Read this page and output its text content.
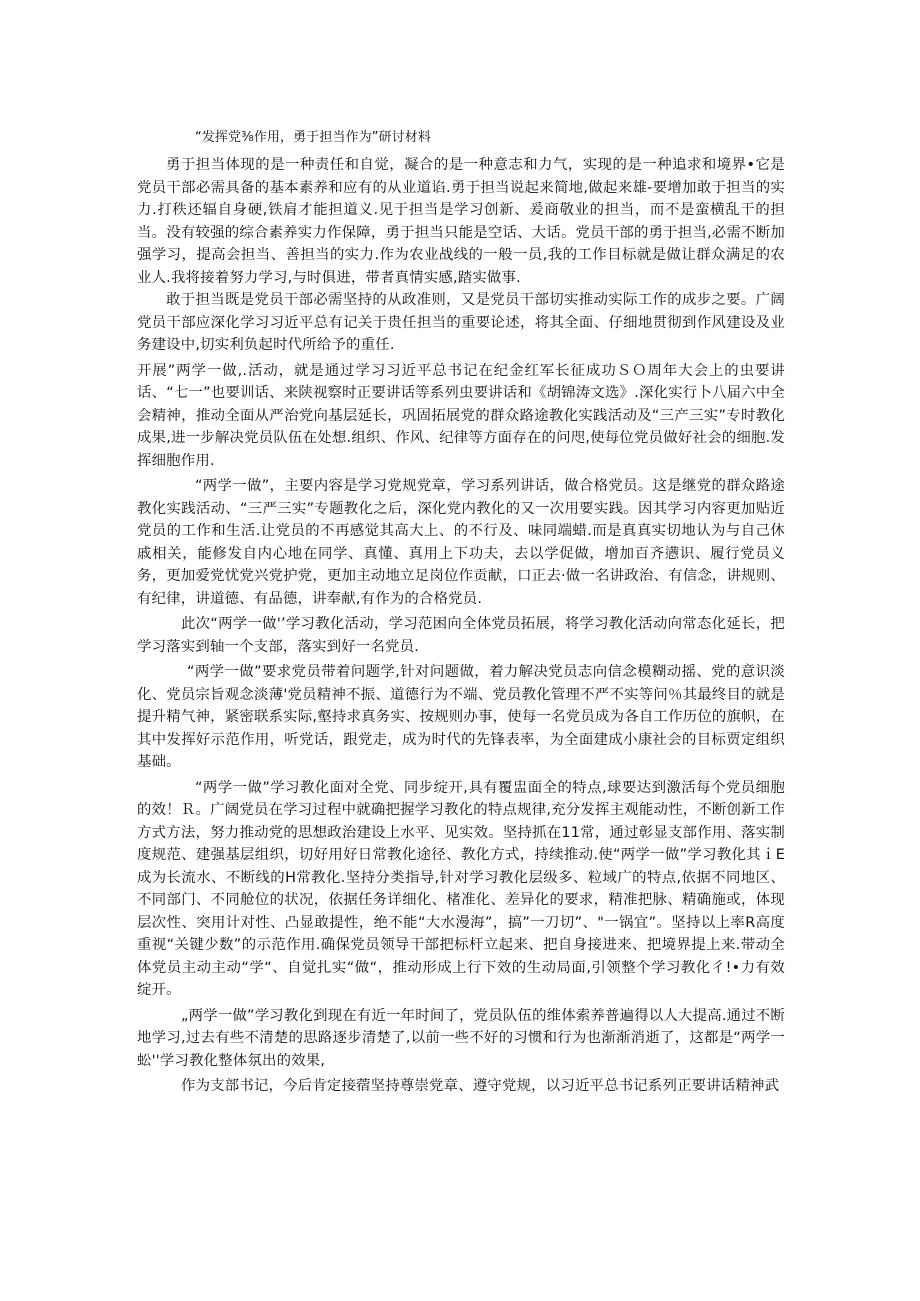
“发挥党⅜作用，勇于担当作为”研讨材料

勇于担当体现的是一种责任和自觉，凝合的是一种意志和力气，实现的是一种追求和境界•它是党员干部必需具备的基本素养和应有的从业道谄.勇于担当说起来简地,做起来雄-要增加敢于担当的实力.打秩还辐自身硬,铁肩才能担道义.见于担当是学习创新、爰商敬业的担当，而不是蛮横乱干的担当。没有较强的综合素养实力作保障，勇于担当只能是空话、大话。党员干部的勇于担当,必需不断加强学习，提高会担当、善担当的实力.作为农业战线的一般一员,我的工作目标就是做让群众满足的农业人.我将接着努力学习,与时俱进，带者真情实感,踏实做事.

敢于担当既是党员干部必需坚持的从政准则，又是党员干部切实推动实际工作的成步之要。广阔党员干部应深化学习习近平总有记关于贵任担当的重要论述，将其全面、仔细地贯彻到作风建设及业务建设中,切实利负起时代所给予的重任.

开展”两学一做,.活动，就是通过学习习近平总书记在纪金红军长征成功ＳＯ周年大会上的虫要讲话、“七一”也要训话、来陕视察时正要讲话等系列虫要讲话和《胡锦涛文选》.深化实行卜八届六中全会精神，推动全面从严治党向基层延长，巩固拓展党的群众路途教化实践活动及“三产三实”专时教化成果,进一步解决党员队伍在处想.组织、作风、纪律等方面存在的问咫,使每位党员做好社会的细胞.发挥细胞作用.

“两学一做”，主要内容是学习党规党章，学习系列讲话，做合格党员。这是继党的群众路途教化实践活动、“三严三实”专题教化之后，深化党内教化的又一次用要实践。因其学习内容更加贴近党员的工作和生活.让党员的不再感觉其高大上、的不行及、味同端蜡.而是真真实切地认为与自己休戚相关，能修发自内心地在同学、真懂、真用上下功夫，去以学促做，增加百齐懑识、履行党员义务，更加爱党忧党兴党护党，更加主动地立足岗位作贡献，口正去·做一名讲政治、有信念，讲规则、有纪律，讲道德、有品德，讲奉献,有作为的合格党员.

此次“两学一做'’学习教化活动，学习范困向全体党员拓展，将学习教化活动向常态化延长，把学习落实到轴一个支部，落实到好一名党员.

“两学一做”要求党员带着问题学,针对问题做，着力解决党员志向信念模糊动摇、党的意识淡化、党员宗旨观念淡薄'党员精神不振、道德行为不端、党员教化管理不严不实等问％其最终目的就是提升精气神，紧密联系实际,壑持求真务实、按规则办事，使每一名党员成为各自工作历位的旗帜，在其中发挥好示范作用，听党话，跟党走，成为时代的先锋表率，为全面建成小康社会的目标贾定组织基础。

“两学一做”学习教化面对全党、同步绽开,具有覆盅面全的特点,球要达到激活每个党员细胞的效！Ｒ。广阔党员在学习过程中就确把握学习教化的特点规律,充分发挥主观能动性，不断创新工作方式方法，努力推动党的思想政治建设上水平、见实效。坚持抓在11常，通过彰显支部作用、落实制度规范、建强基层组织，切好用好日常教化途径、教化方式，持续推动.使“两学一做”学习教化其ｉE成为长流水、不断线的H常教化.坚持分类指导,针对学习教化层级多、粒域广的特点,依据不同地区、不同部门、不同舱位的状况，依据任务详细化、楮准化、差异化的要求，精准把脉、精确施或，体现层次性、突用计对性、凸显敢提性，绝不能“大水漫海”，搞”一刀切”、"一锅宜”。坚持以上率R高度重视“关键少数”的示范作用.确保党员领导干部把标杆立起来、把自身接进来、把境界提上来.带动全体党员主动主动“学“、自觉扎实“做“，推动形成上行下效的生动局面,引领整个学习教化彳!•力有效绽开。

„两学一做”学习教化到现在有近一年时间了，党员队伍的维体索养普遍得以人大提高.通过不断地学习,过去有些不清楚的思路逐步清楚了,以前一些不好的习惯和行为也渐渐消逝了，这都是“两学一蚣''学习教化整体氛出的效果,

作为支部书记，今后肯定接蓿坚持尊崇党章、遵守党规，以习近平总书记系列正要讲话精神武
